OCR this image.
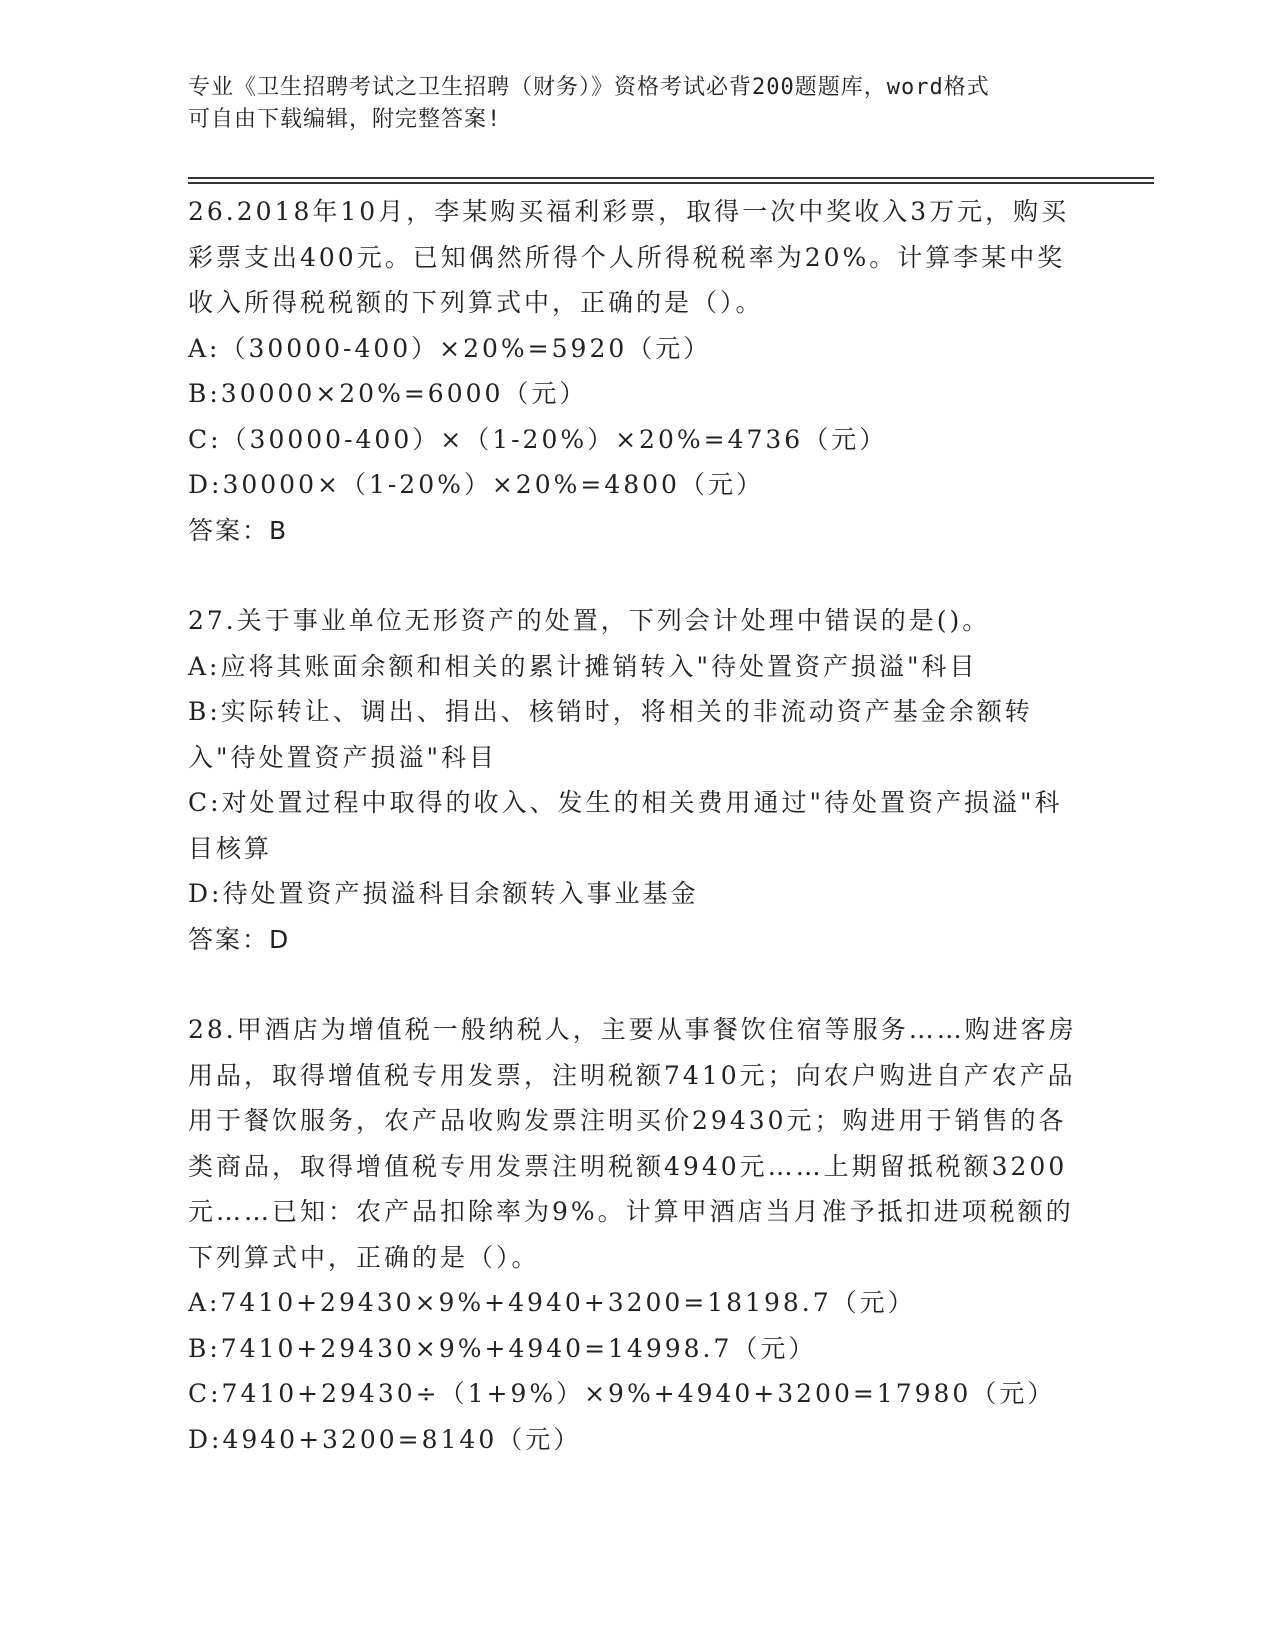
专业《卫生招聘考试之卫生招聘（财务）》资格考试必背200题题库，word格式
可自由下载编辑，附完整答案!

26.2018年10月，李某购买福利彩票，取得一次中奖收入3万元，购买彩票支出400元。已知偶然所得个人所得税税率为20%。计算李某中奖收入所得税税额的下列算式中，正确的是（）。

A:（30000-400）×20%=5920（元）

B:30000×20%=6000（元）

C:（30000-400）×（1-20%）×20%=4736（元）

D:30000×（1-20%）×20%=4800（元）

答案：B

27.关于事业单位无形资产的处置，下列会计处理中错误的是()。

A:应将其账面余额和相关的累计摊销转入"待处置资产损溢"科目

B:实际转让、调出、捐出、核销时，将相关的非流动资产基金余额转入"待处置资产损溢"科目

C:对处置过程中取得的收入、发生的相关费用通过"待处置资产损溢"科目核算

D:待处置资产损溢科目余额转入事业基金

答案：D

28.甲酒店为增值税一般纳税人，主要从事餐饮住宿等服务……购进客房用品，取得增值税专用发票，注明税额7410元；向农户购进自产农产品用于餐饮服务，农产品收购发票注明买价29430元；购进用于销售的各类商品，取得增值税专用发票注明税额4940元……上期留抵税额3200元……已知：农产品扣除率为9%。计算甲酒店当月准予抵扣进项税额的下列算式中，正确的是（）。

A:7410+29430×9%+4940+3200=18198.7（元）

B:7410+29430×9%+4940=14998.7（元）

C:7410+29430÷（1+9%）×9%+4940+3200=17980（元）

D:4940+3200=8140（元）
